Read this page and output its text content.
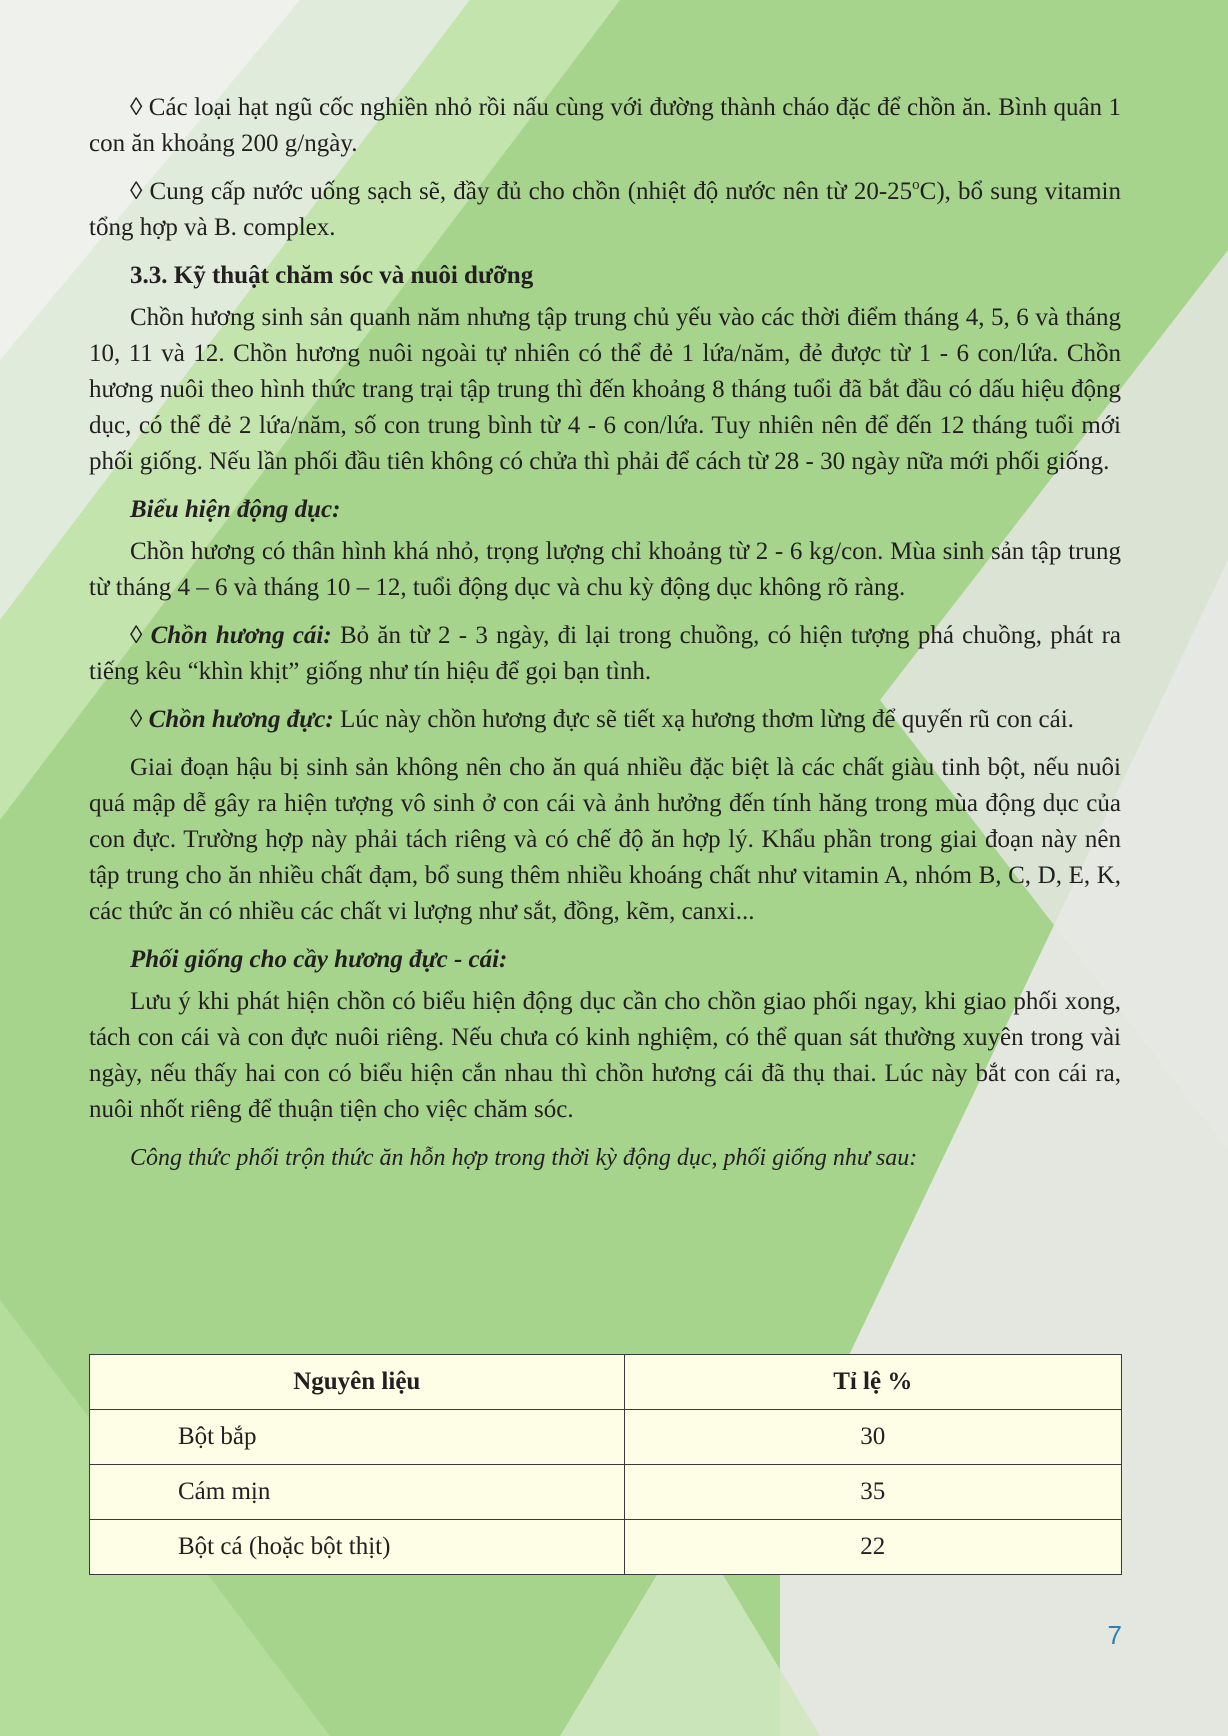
◊ Các loại hạt ngũ cốc nghiền nhỏ rồi nấu cùng với đường thành cháo đặc để chồn ăn. Bình quân 1 con ăn khoảng 200 g/ngày.

◊ Cung cấp nước uống sạch sẽ, đầy đủ cho chồn (nhiệt độ nước nên từ 20-25$^o$C), bổ sung vitamin tổng hợp và B. complex.

3.3. Kỹ thuật chăm sóc và nuôi dưỡng

Chồn hương sinh sản quanh năm nhưng tập trung chủ yếu vào các thời điểm tháng 4, 5, 6 và tháng 10, 11 và 12. Chồn hương nuôi ngoài tự nhiên có thể đẻ 1 lứa/năm, đẻ được từ 1 - 6 con/lứa. Chồn hương nuôi theo hình thức trang trại tập trung thì đến khoảng 8 tháng tuổi đã bắt đầu có dấu hiệu động dục, có thể đẻ 2 lứa/năm, số con trung bình từ 4 - 6 con/lứa. Tuy nhiên nên để đến 12 tháng tuổi mới phối giống. Nếu lần phối đầu tiên không có chửa thì phải để cách từ 28 - 30 ngày nữa mới phối giống.

Biểu hiện động dục:

Chồn hương có thân hình khá nhỏ, trọng lượng chỉ khoảng từ 2 - 6 kg/con. Mùa sinh sản tập trung từ tháng 4 – 6 và tháng 10 – 12, tuổi động dục và chu kỳ động dục không rõ ràng.

◊ Chồn hương cái: Bỏ ăn từ 2 - 3 ngày, đi lại trong chuồng, có hiện tượng phá chuồng, phát ra tiếng kêu “khìn khịt” giống như tín hiệu để gọi bạn tình.

◊ Chồn hương đực: Lúc này chồn hương đực sẽ tiết xạ hương thơm lừng để quyến rũ con cái.

Giai đoạn hậu bị sinh sản không nên cho ăn quá nhiều đặc biệt là các chất giàu tinh bột, nếu nuôi quá mập dễ gây ra hiện tượng vô sinh ở con cái và ảnh hưởng đến tính hăng trong mùa động dục của con đực. Trường hợp này phải tách riêng và có chế độ ăn hợp lý. Khẩu phần trong giai đoạn này nên tập trung cho ăn nhiều chất đạm, bổ sung thêm nhiều khoáng chất như vitamin A, nhóm B, C, D, E, K, các thức ăn có nhiều các chất vi lượng như sắt, đồng, kẽm, canxi...

Phối giống cho cầy hương đực - cái:

Lưu ý khi phát hiện chồn có biểu hiện động dục cần cho chồn giao phối ngay, khi giao phối xong, tách con cái và con đực nuôi riêng. Nếu chưa có kinh nghiệm, có thể quan sát thường xuyên trong vài ngày, nếu thấy hai con có biểu hiện cắn nhau thì chồn hương cái đã thụ thai. Lúc này bắt con cái ra, nuôi nhốt riêng để thuận tiện cho việc chăm sóc.

Công thức phối trộn thức ăn hỗn hợp trong thời kỳ động dục, phối giống như sau:

Nguyên liệu	Tỉ lệ %
Bột bắp	30
Cám mịn	35
Bột cá (hoặc bột thịt)	22
7
